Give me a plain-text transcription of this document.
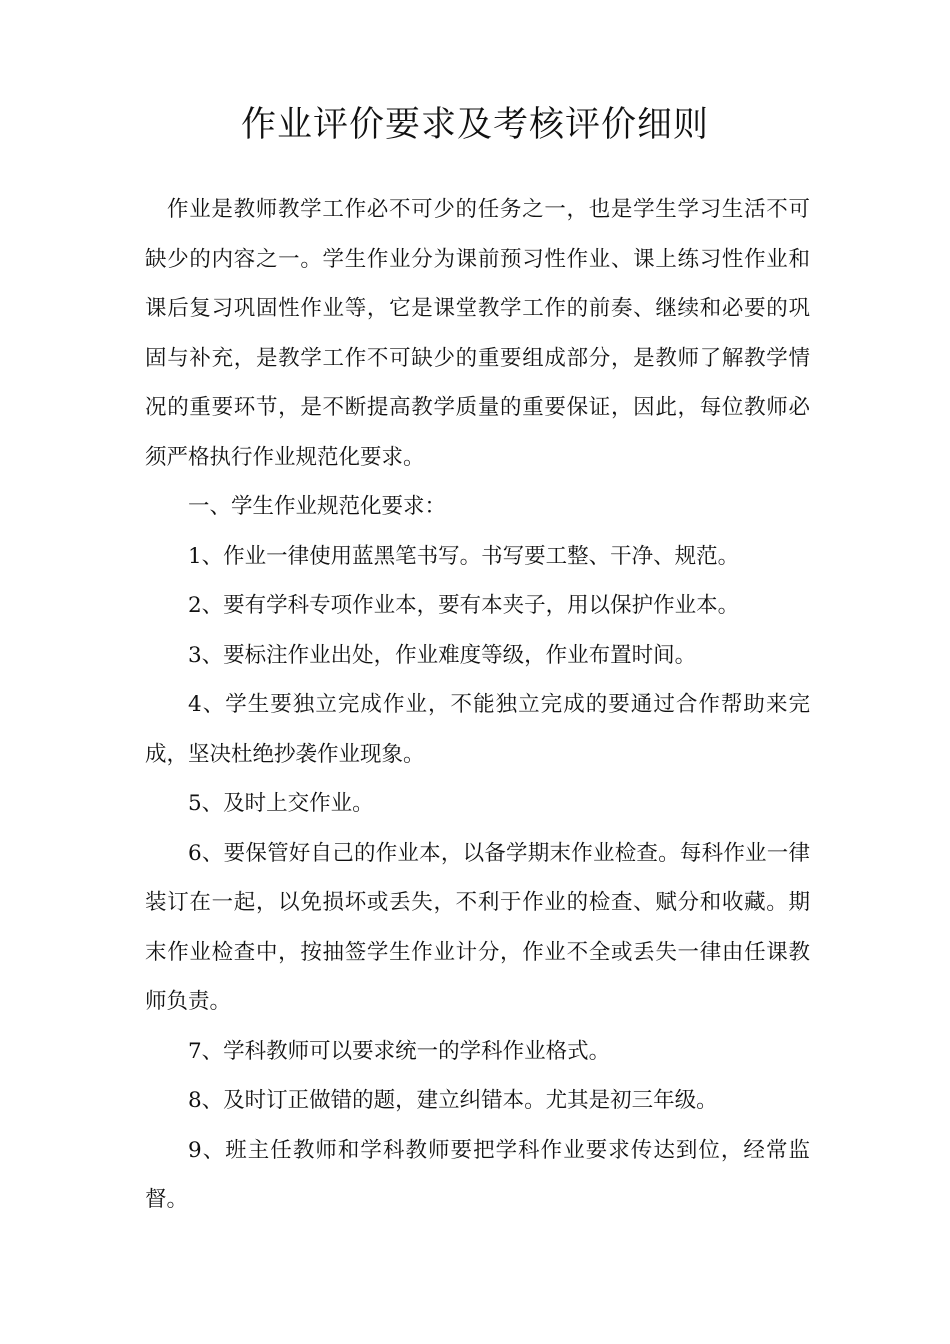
作业评价要求及考核评价细则

作业是教师教学工作必不可少的任务之一，也是学生学习生活不可缺少的内容之一。学生作业分为课前预习性作业、课上练习性作业和课后复习巩固性作业等，它是课堂教学工作的前奏、继续和必要的巩固与补充，是教学工作不可缺少的重要组成部分，是教师了解教学情况的重要环节，是不断提高教学质量的重要保证，因此，每位教师必须严格执行作业规范化要求。

一、学生作业规范化要求：

1、作业一律使用蓝黑笔书写。书写要工整、干净、规范。

2、要有学科专项作业本，要有本夹子，用以保护作业本。

3、要标注作业出处，作业难度等级，作业布置时间。

4、学生要独立完成作业，不能独立完成的要通过合作帮助来完成，坚决杜绝抄袭作业现象。

5、及时上交作业。

6、要保管好自己的作业本，以备学期末作业检查。每科作业一律装订在一起，以免损坏或丢失，不利于作业的检查、赋分和收藏。期末作业检查中，按抽签学生作业计分，作业不全或丢失一律由任课教师负责。

7、学科教师可以要求统一的学科作业格式。

8、及时订正做错的题，建立纠错本。尤其是初三年级。

9、班主任教师和学科教师要把学科作业要求传达到位，经常监督。
